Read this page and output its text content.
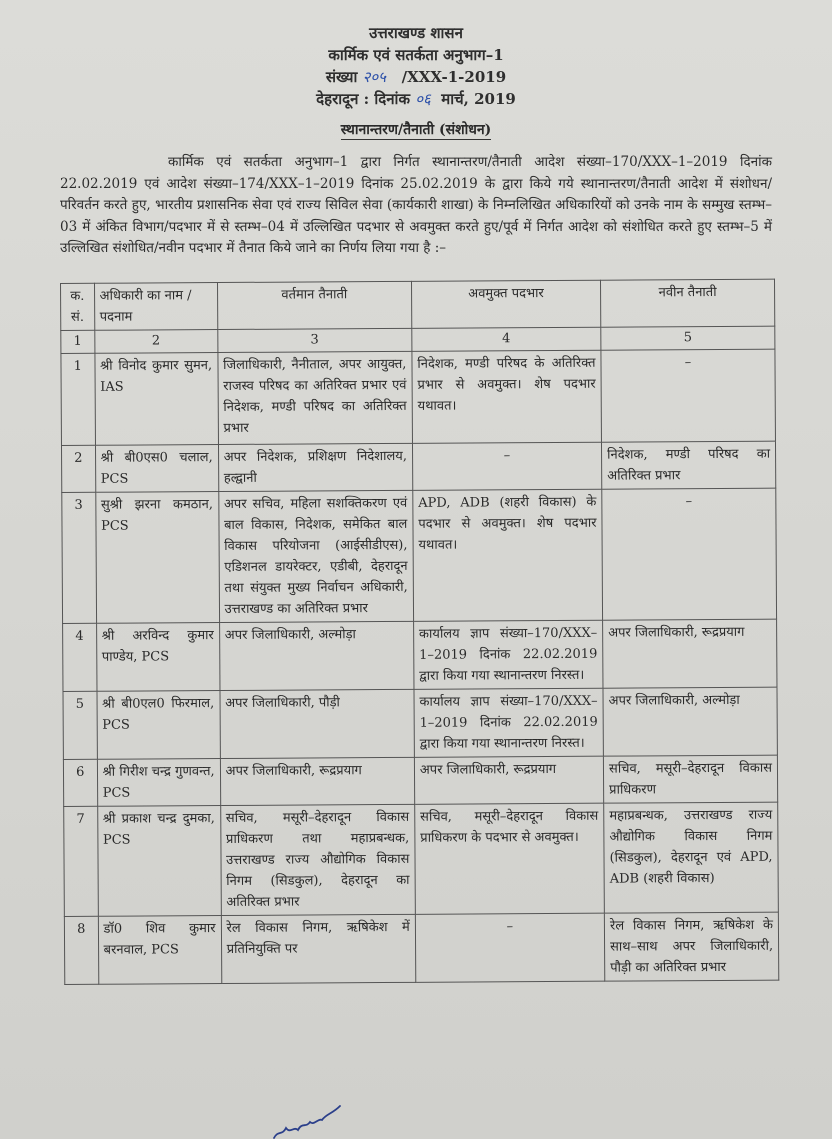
उत्तराखण्ड शासन
कार्मिक एवं सतर्कता अनुभाग–1
संख्या २०५ /XXX-1-2019
देहरादून : दिनांक ०६ मार्च, 2019
स्थानान्तरण/तैनाती (संशोधन)
कार्मिक एवं सतर्कता अनुभाग–1 द्वारा निर्गत स्थानान्तरण/तैनाती आदेश संख्या–170/XXX–1–2019 दिनांक 22.02.2019 एवं आदेश संख्या–174/XXX–1–2019 दिनांक 25.02.2019 के द्वारा किये गये स्थानान्तरण/तैनाती आदेश में संशोधन/परिवर्तन करते हुए, भारतीय प्रशासनिक सेवा एवं राज्य सिविल सेवा (कार्यकारी शाखा) के निम्नलिखित अधिकारियों को उनके नाम के सम्मुख स्तम्भ–03 में अंकित विभाग/पदभार में से स्तम्भ–04 में उल्लिखित पदभार से अवमुक्त करते हुए/पूर्व में निर्गत आदेश को संशोधित करते हुए स्तम्भ–5 में उल्लिखित संशोधित/नवीन पदभार में तैनात किये जाने का निर्णय लिया गया है :–
क. सं.	अधिकारी का नाम /पदनाम	वर्तमान तैनाती	अवमुक्त पदभार	नवीन तैनाती
1	2	3	4	5
1	श्री विनोद कुमार सुमन, IAS	जिलाधिकारी, नैनीताल, अपर आयुक्त, राजस्व परिषद का अतिरिक्त प्रभार एवं निदेशक, मण्डी परिषद का अतिरिक्त प्रभार	निदेशक, मण्डी परिषद के अतिरिक्त प्रभार से अवमुक्त। शेष पदभार यथावत।	–
2	श्री बी0एस0 चलाल, PCS	अपर निदेशक, प्रशिक्षण निदेशालय, हल्द्वानी	–	निदेशक, मण्डी परिषद का अतिरिक्त प्रभार
3	सुश्री झरना कमठान, PCS	अपर सचिव, महिला सशक्तिकरण एवं बाल विकास, निदेशक, समेकित बाल विकास परियोजना (आईसीडीएस), एडिशनल डायरेक्टर, एडीबी, देहरादून तथा संयुक्त मुख्य निर्वाचन अधिकारी, उत्तराखण्ड का अतिरिक्त प्रभार	APD, ADB (शहरी विकास) के पदभार से अवमुक्त। शेष पदभार यथावत।	–
4	श्री अरविन्द कुमार पाण्डेय, PCS	अपर जिलाधिकारी, अल्मोड़ा	कार्यालय ज्ञाप संख्या–170/XXX–1–2019 दिनांक 22.02.2019 द्वारा किया गया स्थानान्तरण निरस्त।	अपर जिलाधिकारी, रूद्रप्रयाग
5	श्री बी0एल0 फिरमाल, PCS	अपर जिलाधिकारी, पौड़ी	कार्यालय ज्ञाप संख्या–170/XXX–1–2019 दिनांक 22.02.2019 द्वारा किया गया स्थानान्तरण निरस्त।	अपर जिलाधिकारी, अल्मोड़ा
6	श्री गिरीश चन्द्र गुणवन्त, PCS	अपर जिलाधिकारी, रूद्रप्रयाग	अपर जिलाधिकारी, रूद्रप्रयाग	सचिव, मसूरी–देहरादून विकास प्राधिकरण
7	श्री प्रकाश चन्द्र दुमका, PCS	सचिव, मसूरी–देहरादून विकास प्राधिकरण तथा महाप्रबन्धक, उत्तराखण्ड राज्य औद्योगिक विकास निगम (सिडकुल), देहरादून का अतिरिक्त प्रभार	सचिव, मसूरी–देहरादून विकास प्राधिकरण के पदभार से अवमुक्त।	महाप्रबन्धक, उत्तराखण्ड राज्य औद्योगिक विकास निगम (सिडकुल), देहरादून एवं APD, ADB (शहरी विकास)
8	डॉ0 शिव कुमार बरनवाल, PCS	रेल विकास निगम, ऋषिकेश में प्रतिनियुक्ति पर	–	रेल विकास निगम, ऋषिकेश के साथ–साथ अपर जिलाधिकारी, पौड़ी का अतिरिक्त प्रभार
